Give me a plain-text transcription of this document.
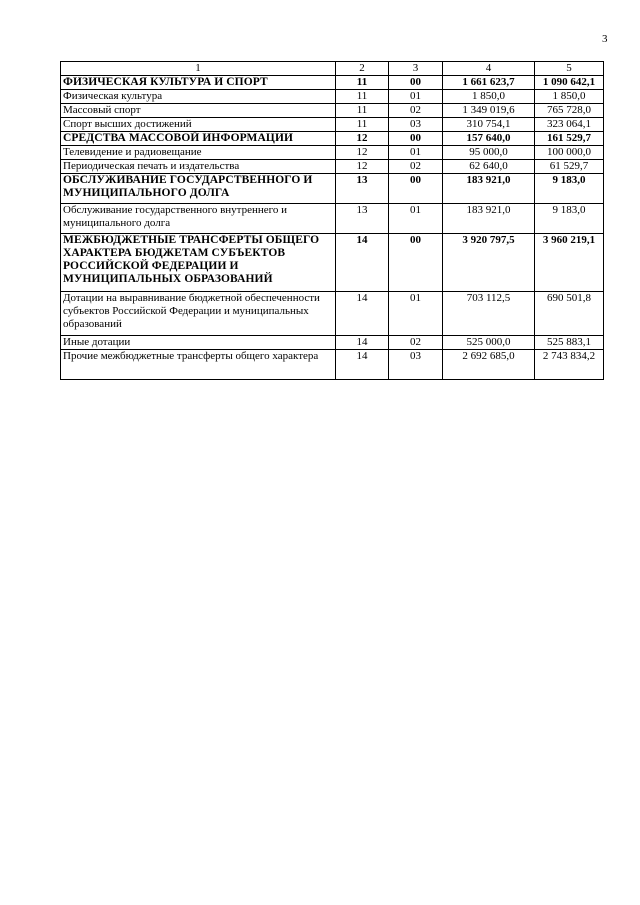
3
1	2	3	4	5
ФИЗИЧЕСКАЯ КУЛЬТУРА И СПОРТ	11	00	1 661 623,7	1 090 642,1
Физическая культура	11	01	1 850,0	1 850,0
Массовый спорт	11	02	1 349 019,6	765 728,0
Спорт высших достижений	11	03	310 754,1	323 064,1
СРЕДСТВА МАССОВОЙ ИНФОРМАЦИИ	12	00	157 640,0	161 529,7
Телевидение и радиовещание	12	01	95 000,0	100 000,0
Периодическая печать и издательства	12	02	62 640,0	61 529,7
ОБСЛУЖИВАНИЕ ГОСУДАРСТВЕННОГО И МУНИЦИПАЛЬНОГО ДОЛГА	13	00	183 921,0	9 183,0
Обслуживание государственного внутреннего и муниципального долга	13	01	183 921,0	9 183,0
МЕЖБЮДЖЕТНЫЕ ТРАНСФЕРТЫ ОБЩЕГО ХАРАКТЕРА БЮДЖЕТАМ СУБЪЕКТОВ РОССИЙСКОЙ ФЕДЕРАЦИИ И МУНИЦИПАЛЬНЫХ ОБРАЗОВАНИЙ	14	00	3 920 797,5	3 960 219,1
Дотации на выравнивание бюджетной обеспеченности субъектов Российской Федерации и муниципальных образований	14	01	703 112,5	690 501,8
Иные дотации	14	02	525 000,0	525 883,1
Прочие межбюджетные трансферты общего характера	14	03	2 692 685,0	2 743 834,2
